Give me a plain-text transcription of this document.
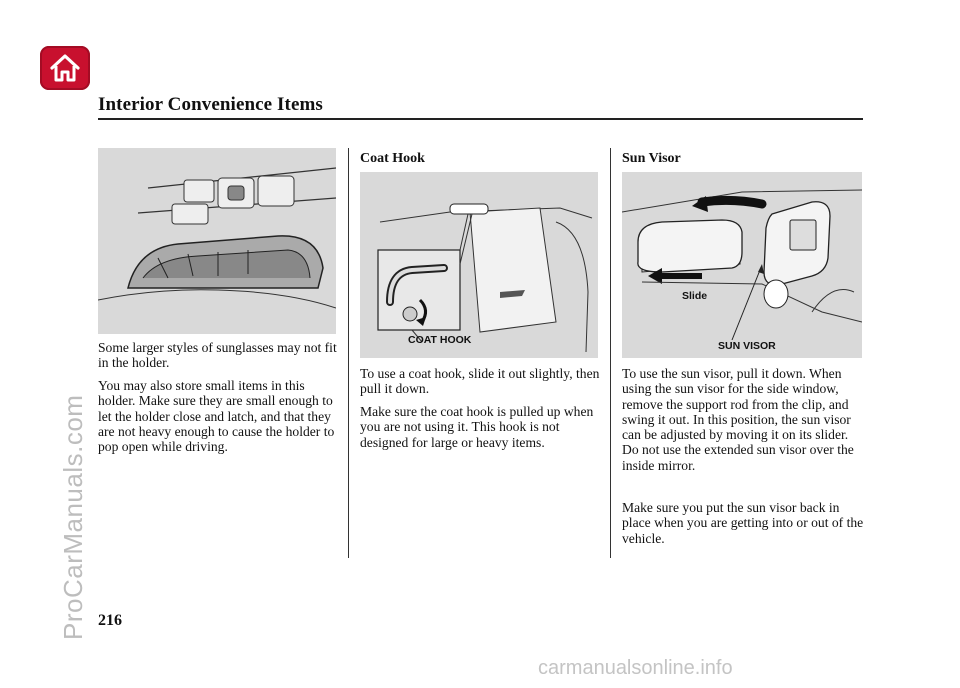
Interior Convenience Items

Some larger styles of sunglasses may not fit in the holder.

You may also store small items in this holder. Make sure they are small enough to let the holder close and latch, and that they are not heavy enough to cause the holder to pop open while driving.

Coat Hook
COAT HOOK

To use a coat hook, slide it out slightly, then pull it down.

Make sure the coat hook is pulled up when you are not using it. This hook is not designed for large or heavy items.

Sun Visor
Slide
SUN VISOR

To use the sun visor, pull it down. When using the sun visor for the side window, remove the support rod from the clip, and swing it out. In this position, the sun visor can be adjusted by moving it on its slider. Do not use the extended sun visor over the inside mirror.

Make sure you put the sun visor back in place when you are getting into or out of the vehicle.

216
ProCarManuals.com
carmanualsonline.info
